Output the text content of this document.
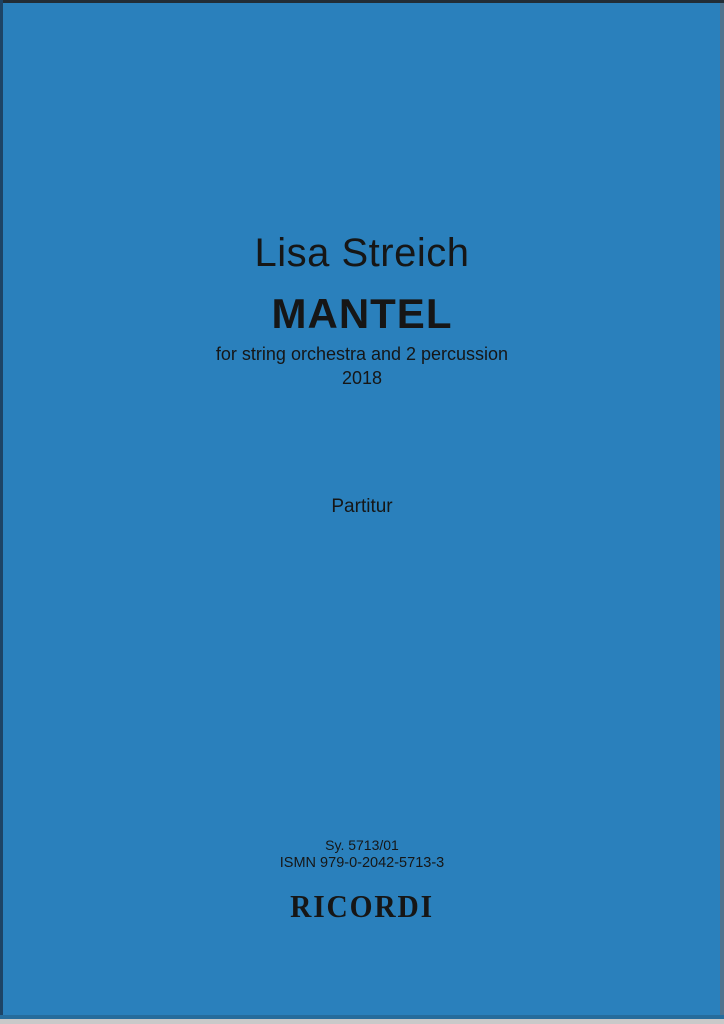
Lisa Streich
MANTEL
for string orchestra and 2 percussion
2018
Partitur
Sy. 5713/01
ISMN 979-0-2042-5713-3
RICORDI
